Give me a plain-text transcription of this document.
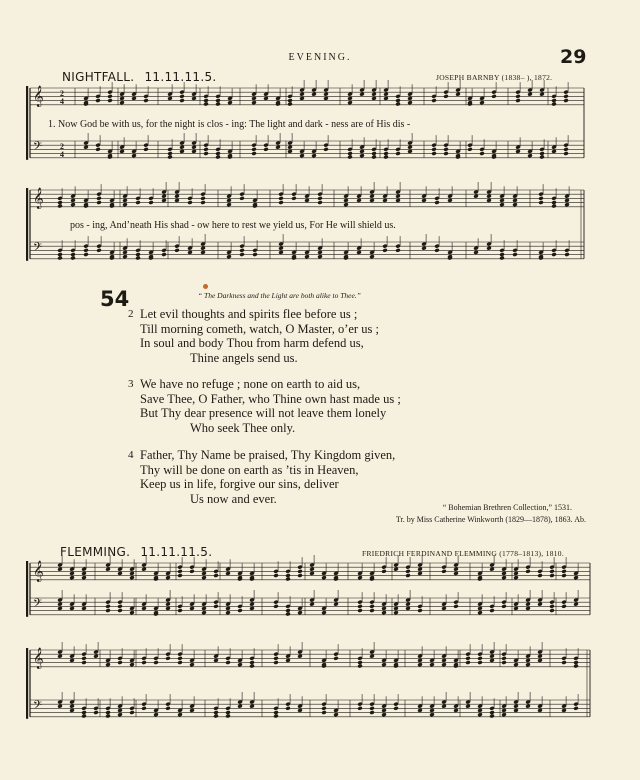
EVENING.	29
NIGHTFALL. 11.11.11.5.	JOSEPH BARNBY (1838– ), 1872.
𝄞
𝄢
2
2
4
4
𝄞
𝄢
𝄞
𝄢
𝄞
𝄢
1. Now God be with us, for the night is clos - ing: The light and dark - ness are of His dis -
pos - ing, And’neath His shad - ow here to rest we yield us, For He will shield us.
54	“ The Darkness and the Light are both alike to Thee.”
2 Let evil thoughts and spirits flee before us ;
Till morning cometh, watch, O Master, o’er us ;
In soul and body Thou from harm defend us,
Thine angels send us.
3 We have no refuge ; none on earth to aid us,
Save Thee, O Father, who Thine own hast made us ;
But Thy dear presence will not leave them lonely
Who seek Thee only.
4 Father, Thy Name be praised, Thy Kingdom given,
Thy will be done on earth as ’tis in Heaven,
Keep us in life, forgive our sins, deliver
Us now and ever.
“ Bohemian Brethren Collection,” 1531.
Tr. by Miss Catherine Winkworth (1829—1878), 1863. Ab.
FLEMMING. 11.11.11.5.	FRIEDRICH FERDINAND FLEMMING (1778–1813), 1810.
